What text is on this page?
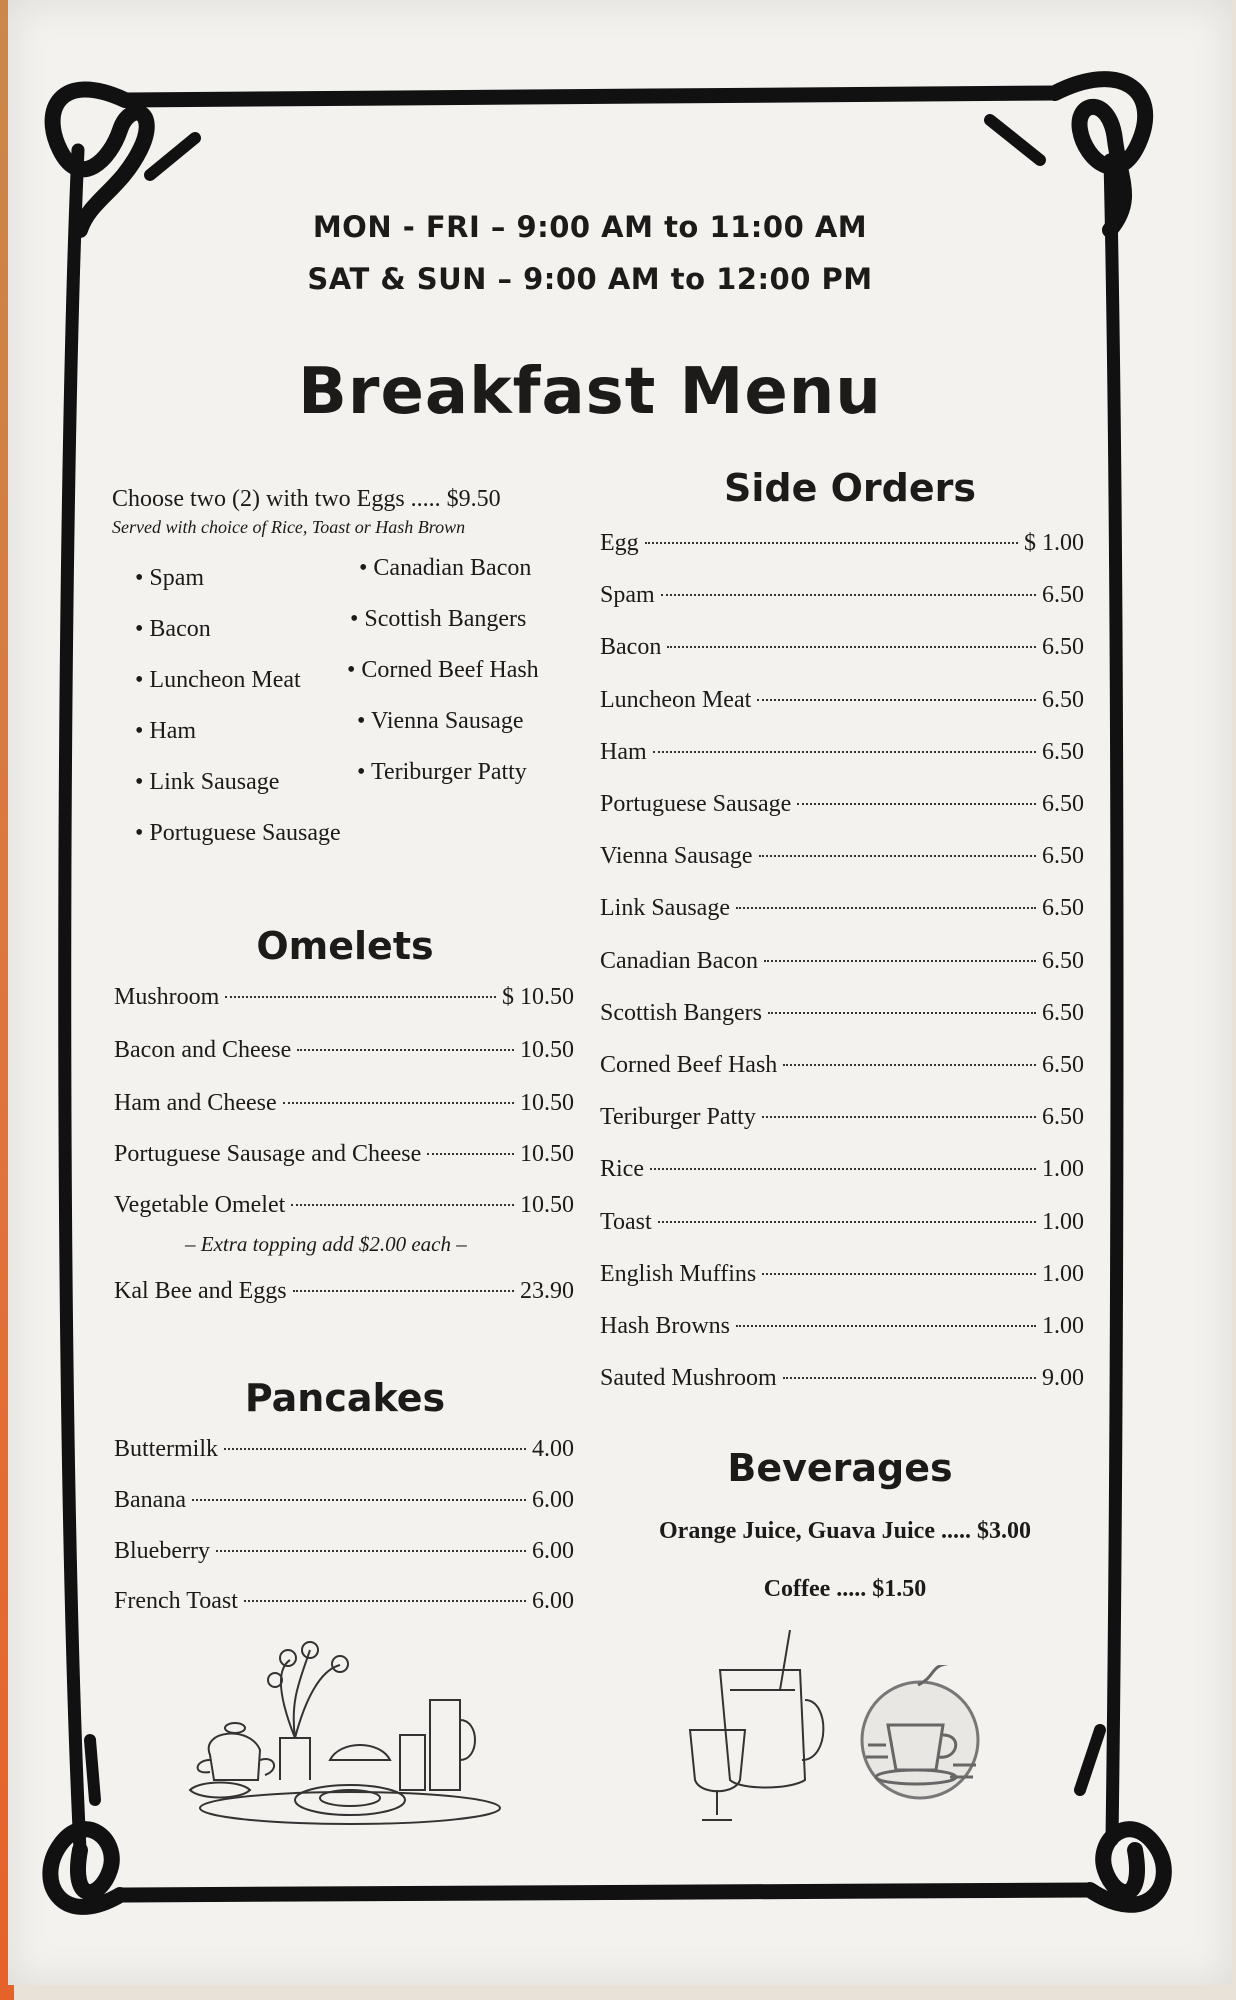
MON - FRI – 9:00 AM to 11:00 AM
SAT & SUN – 9:00 AM to 12:00 PM
Breakfast Menu
Choose two (2) with two Eggs ..... $9.50
Served with choice of Rice, Toast or Hash Brown
• Spam
• Bacon
• Luncheon Meat
• Ham
• Link Sausage
• Portuguese Sausage
• Canadian Bacon
• Scottish Bangers
• Corned Beef Hash
• Vienna Sausage
• Teriburger Patty
Omelets
Mushroom	$ 10.50
Bacon and Cheese	10.50
Ham and Cheese	10.50
Portuguese Sausage and Cheese	10.50
Vegetable Omelet	10.50
– Extra topping add $2.00 each –
Kal Bee and Eggs	23.90
Pancakes
Buttermilk	4.00
Banana	6.00
Blueberry	6.00
French Toast	6.00
Side Orders
Egg	$ 1.00
Spam	6.50
Bacon	6.50
Luncheon Meat	6.50
Ham	6.50
Portuguese Sausage	6.50
Vienna Sausage	6.50
Link Sausage	6.50
Canadian Bacon	6.50
Scottish Bangers	6.50
Corned Beef Hash	6.50
Teriburger Patty	6.50
Rice	1.00
Toast	1.00
English Muffins	1.00
Hash Browns	1.00
Sauted Mushroom	9.00
Beverages
Orange Juice, Guava Juice ..... $3.00
Coffee ..... $1.50
